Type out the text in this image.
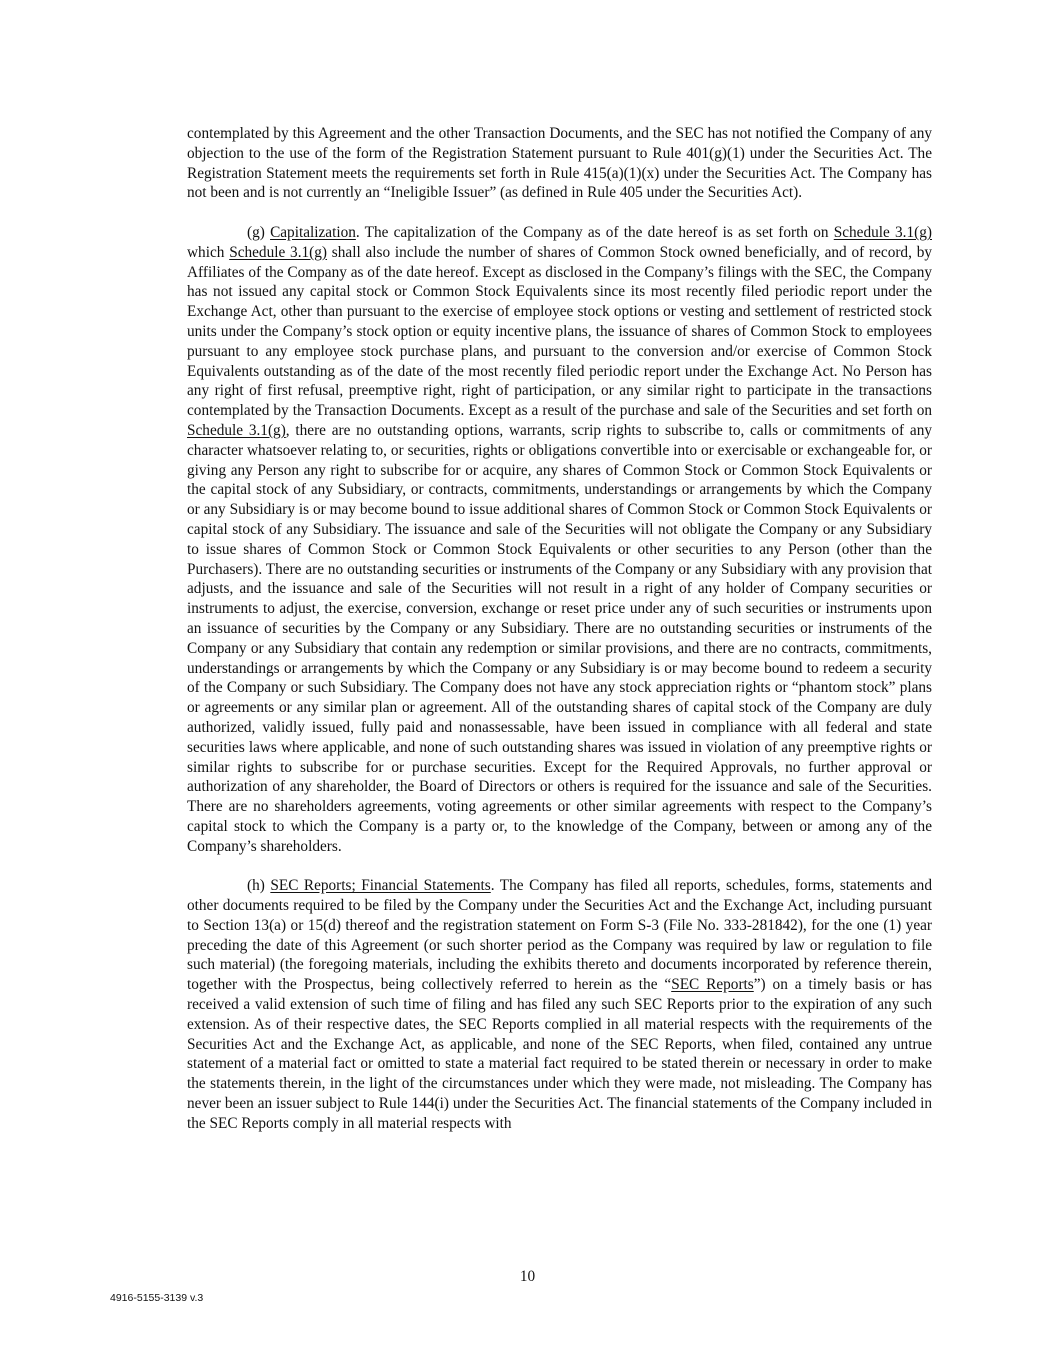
contemplated by this Agreement and the other Transaction Documents, and the SEC has not notified the Company of any objection to the use of the form of the Registration Statement pursuant to Rule 401(g)(1) under the Securities Act. The Registration Statement meets the requirements set forth in Rule 415(a)(1)(x) under the Securities Act. The Company has not been and is not currently an “Ineligible Issuer” (as defined in Rule 405 under the Securities Act).

(g) Capitalization. The capitalization of the Company as of the date hereof is as set forth on Schedule 3.1(g) which Schedule 3.1(g) shall also include the number of shares of Common Stock owned beneficially, and of record, by Affiliates of the Company as of the date hereof. Except as disclosed in the Company’s filings with the SEC, the Company has not issued any capital stock or Common Stock Equivalents since its most recently filed periodic report under the Exchange Act, other than pursuant to the exercise of employee stock options or vesting and settlement of restricted stock units under the Company’s stock option or equity incentive plans, the issuance of shares of Common Stock to employees pursuant to any employee stock purchase plans, and pursuant to the conversion and/or exercise of Common Stock Equivalents outstanding as of the date of the most recently filed periodic report under the Exchange Act. No Person has any right of first refusal, preemptive right, right of participation, or any similar right to participate in the transactions contemplated by the Transaction Documents. Except as a result of the purchase and sale of the Securities and set forth on Schedule 3.1(g), there are no outstanding options, warrants, scrip rights to subscribe to, calls or commitments of any character whatsoever relating to, or securities, rights or obligations convertible into or exercisable or exchangeable for, or giving any Person any right to subscribe for or acquire, any shares of Common Stock or Common Stock Equivalents or the capital stock of any Subsidiary, or contracts, commitments, understandings or arrangements by which the Company or any Subsidiary is or may become bound to issue additional shares of Common Stock or Common Stock Equivalents or capital stock of any Subsidiary. The issuance and sale of the Securities will not obligate the Company or any Subsidiary to issue shares of Common Stock or Common Stock Equivalents or other securities to any Person (other than the Purchasers). There are no outstanding securities or instruments of the Company or any Subsidiary with any provision that adjusts, and the issuance and sale of the Securities will not result in a right of any holder of Company securities or instruments to adjust, the exercise, conversion, exchange or reset price under any of such securities or instruments upon an issuance of securities by the Company or any Subsidiary. There are no outstanding securities or instruments of the Company or any Subsidiary that contain any redemption or similar provisions, and there are no contracts, commitments, understandings or arrangements by which the Company or any Subsidiary is or may become bound to redeem a security of the Company or such Subsidiary. The Company does not have any stock appreciation rights or “phantom stock” plans or agreements or any similar plan or agreement. All of the outstanding shares of capital stock of the Company are duly authorized, validly issued, fully paid and nonassessable, have been issued in compliance with all federal and state securities laws where applicable, and none of such outstanding shares was issued in violation of any preemptive rights or similar rights to subscribe for or purchase securities. Except for the Required Approvals, no further approval or authorization of any shareholder, the Board of Directors or others is required for the issuance and sale of the Securities. There are no shareholders agreements, voting agreements or other similar agreements with respect to the Company’s capital stock to which the Company is a party or, to the knowledge of the Company, between or among any of the Company’s shareholders.

(h) SEC Reports; Financial Statements. The Company has filed all reports, schedules, forms, statements and other documents required to be filed by the Company under the Securities Act and the Exchange Act, including pursuant to Section 13(a) or 15(d) thereof and the registration statement on Form S-3 (File No. 333-281842), for the one (1) year preceding the date of this Agreement (or such shorter period as the Company was required by law or regulation to file such material) (the foregoing materials, including the exhibits thereto and documents incorporated by reference therein, together with the Prospectus, being collectively referred to herein as the “SEC Reports”) on a timely basis or has received a valid extension of such time of filing and has filed any such SEC Reports prior to the expiration of any such extension. As of their respective dates, the SEC Reports complied in all material respects with the requirements of the Securities Act and the Exchange Act, as applicable, and none of the SEC Reports, when filed, contained any untrue statement of a material fact or omitted to state a material fact required to be stated therein or necessary in order to make the statements therein, in the light of the circumstances under which they were made, not misleading. The Company has never been an issuer subject to Rule 144(i) under the Securities Act. The financial statements of the Company included in the SEC Reports comply in all material respects with

10
4916-5155-3139 v.3
